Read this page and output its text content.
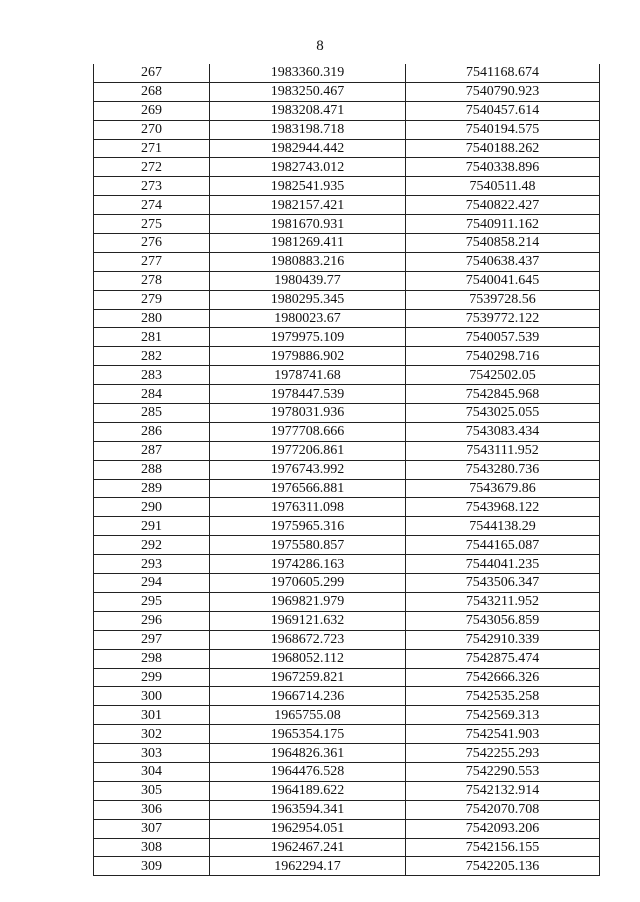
8
267	1983360.319	7541168.674
268	1983250.467	7540790.923
269	1983208.471	7540457.614
270	1983198.718	7540194.575
271	1982944.442	7540188.262
272	1982743.012	7540338.896
273	1982541.935	7540511.48
274	1982157.421	7540822.427
275	1981670.931	7540911.162
276	1981269.411	7540858.214
277	1980883.216	7540638.437
278	1980439.77	7540041.645
279	1980295.345	7539728.56
280	1980023.67	7539772.122
281	1979975.109	7540057.539
282	1979886.902	7540298.716
283	1978741.68	7542502.05
284	1978447.539	7542845.968
285	1978031.936	7543025.055
286	1977708.666	7543083.434
287	1977206.861	7543111.952
288	1976743.992	7543280.736
289	1976566.881	7543679.86
290	1976311.098	7543968.122
291	1975965.316	7544138.29
292	1975580.857	7544165.087
293	1974286.163	7544041.235
294	1970605.299	7543506.347
295	1969821.979	7543211.952
296	1969121.632	7543056.859
297	1968672.723	7542910.339
298	1968052.112	7542875.474
299	1967259.821	7542666.326
300	1966714.236	7542535.258
301	1965755.08	7542569.313
302	1965354.175	7542541.903
303	1964826.361	7542255.293
304	1964476.528	7542290.553
305	1964189.622	7542132.914
306	1963594.341	7542070.708
307	1962954.051	7542093.206
308	1962467.241	7542156.155
309	1962294.17	7542205.136
